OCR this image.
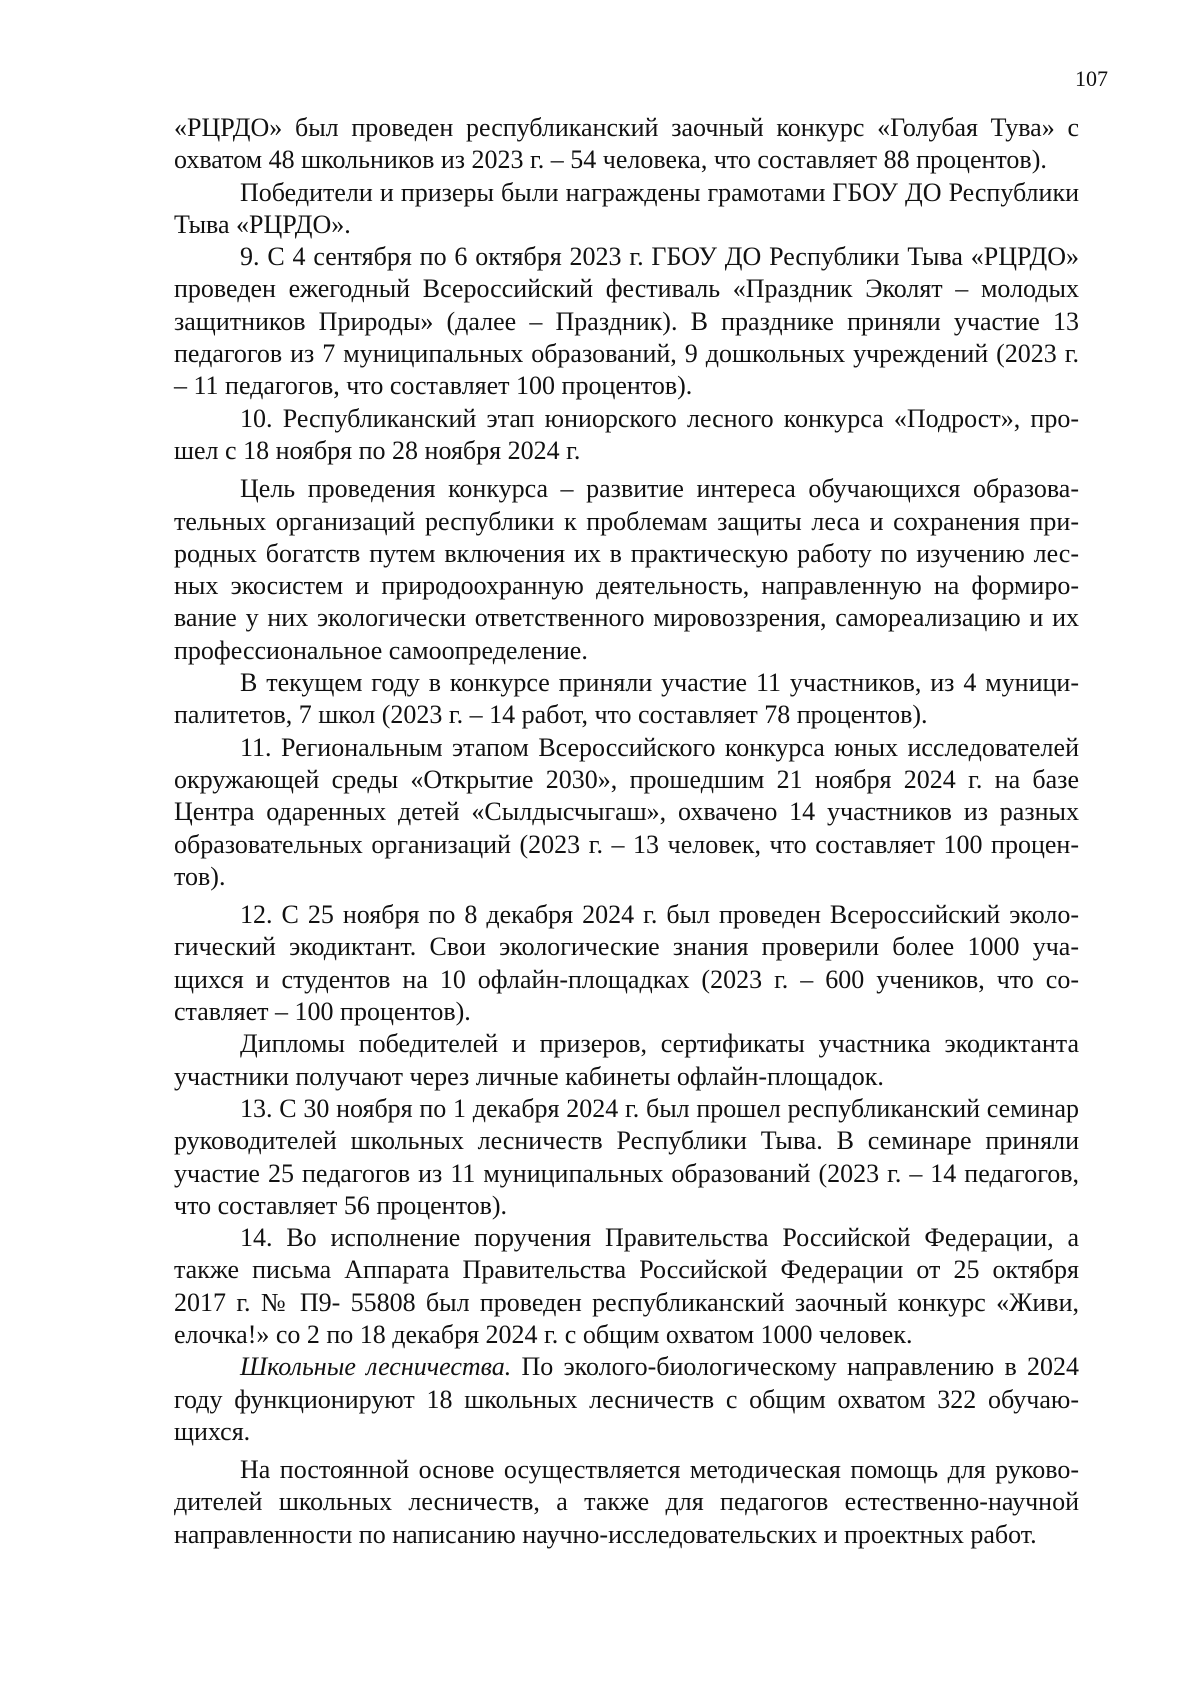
107

«РЦРДО» был проведен республиканский заочный конкурс «Голубая Тува» с охватом 48 школьников из 2023 г. – 54 человека, что составляет 88 процентов).

Победители и призеры были награждены грамотами ГБОУ ДО Республики Тыва «РЦРДО».

9. С 4 сентября по 6 октября 2023 г. ГБОУ ДО Республики Тыва «РЦРДО» проведен ежегодный Всероссийский фестиваль «Праздник Эколят – молодых защитников Природы» (далее – Праздник). В празднике приняли участие 13 педагогов из 7 муниципальных образований, 9 дошкольных учреждений (2023 г. – 11 педагогов, что составляет 100 процентов).

10. Республиканский этап юниорского лесного конкурса «Подрост», прошел с 18 ноября по 28 ноября 2024 г.

Цель проведения конкурса – развитие интереса обучающихся образовательных организаций республики к проблемам защиты леса и сохранения природных богатств путем включения их в практическую работу по изучению лесных экосистем и природоохранную деятельность, направленную на формирование у них экологически ответственного мировоззрения, самореализацию и их профессиональное самоопределение.

В текущем году в конкурсе приняли участие 11 участников, из 4 муниципалитетов, 7 школ (2023 г. – 14 работ, что составляет 78 процентов).

11. Региональным этапом Всероссийского конкурса юных исследователей окружающей среды «Открытие 2030», прошедшим 21 ноября 2024 г. на базе Центра одаренных детей «Сылдысчыгаш», охвачено 14 участников из разных образовательных организаций (2023 г. – 13 человек, что составляет 100 процентов).

12. С 25 ноября по 8 декабря 2024 г. был проведен Всероссийский экологический экодиктант. Свои экологические знания проверили более 1000 учащихся и студентов на 10 офлайн-площадках (2023 г. – 600 учеников, что составляет – 100 процентов).

Дипломы победителей и призеров, сертификаты участника экодиктанта участники получают через личные кабинеты офлайн-площадок.

13. С 30 ноября по 1 декабря 2024 г. был прошел республиканский семинар руководителей школьных лесничеств Республики Тыва. В семинаре приняли участие 25 педагогов из 11 муниципальных образований (2023 г. – 14 педагогов, что составляет 56 процентов).

14. Во исполнение поручения Правительства Российской Федерации, а также письма Аппарата Правительства Российской Федерации от 25 октября 2017 г. № П9- 55808 был проведен республиканский заочный конкурс «Живи, елочка!» со 2 по 18 декабря 2024 г. с общим охватом 1000 человек.

Школьные лесничества. По эколого-биологическому направлению в 2024 году функционируют 18 школьных лесничеств с общим охватом 322 обучающихся.

На постоянной основе осуществляется методическая помощь для руководителей школьных лесничеств, а также для педагогов естественно-научной направленности по написанию научно-исследовательских и проектных работ.
